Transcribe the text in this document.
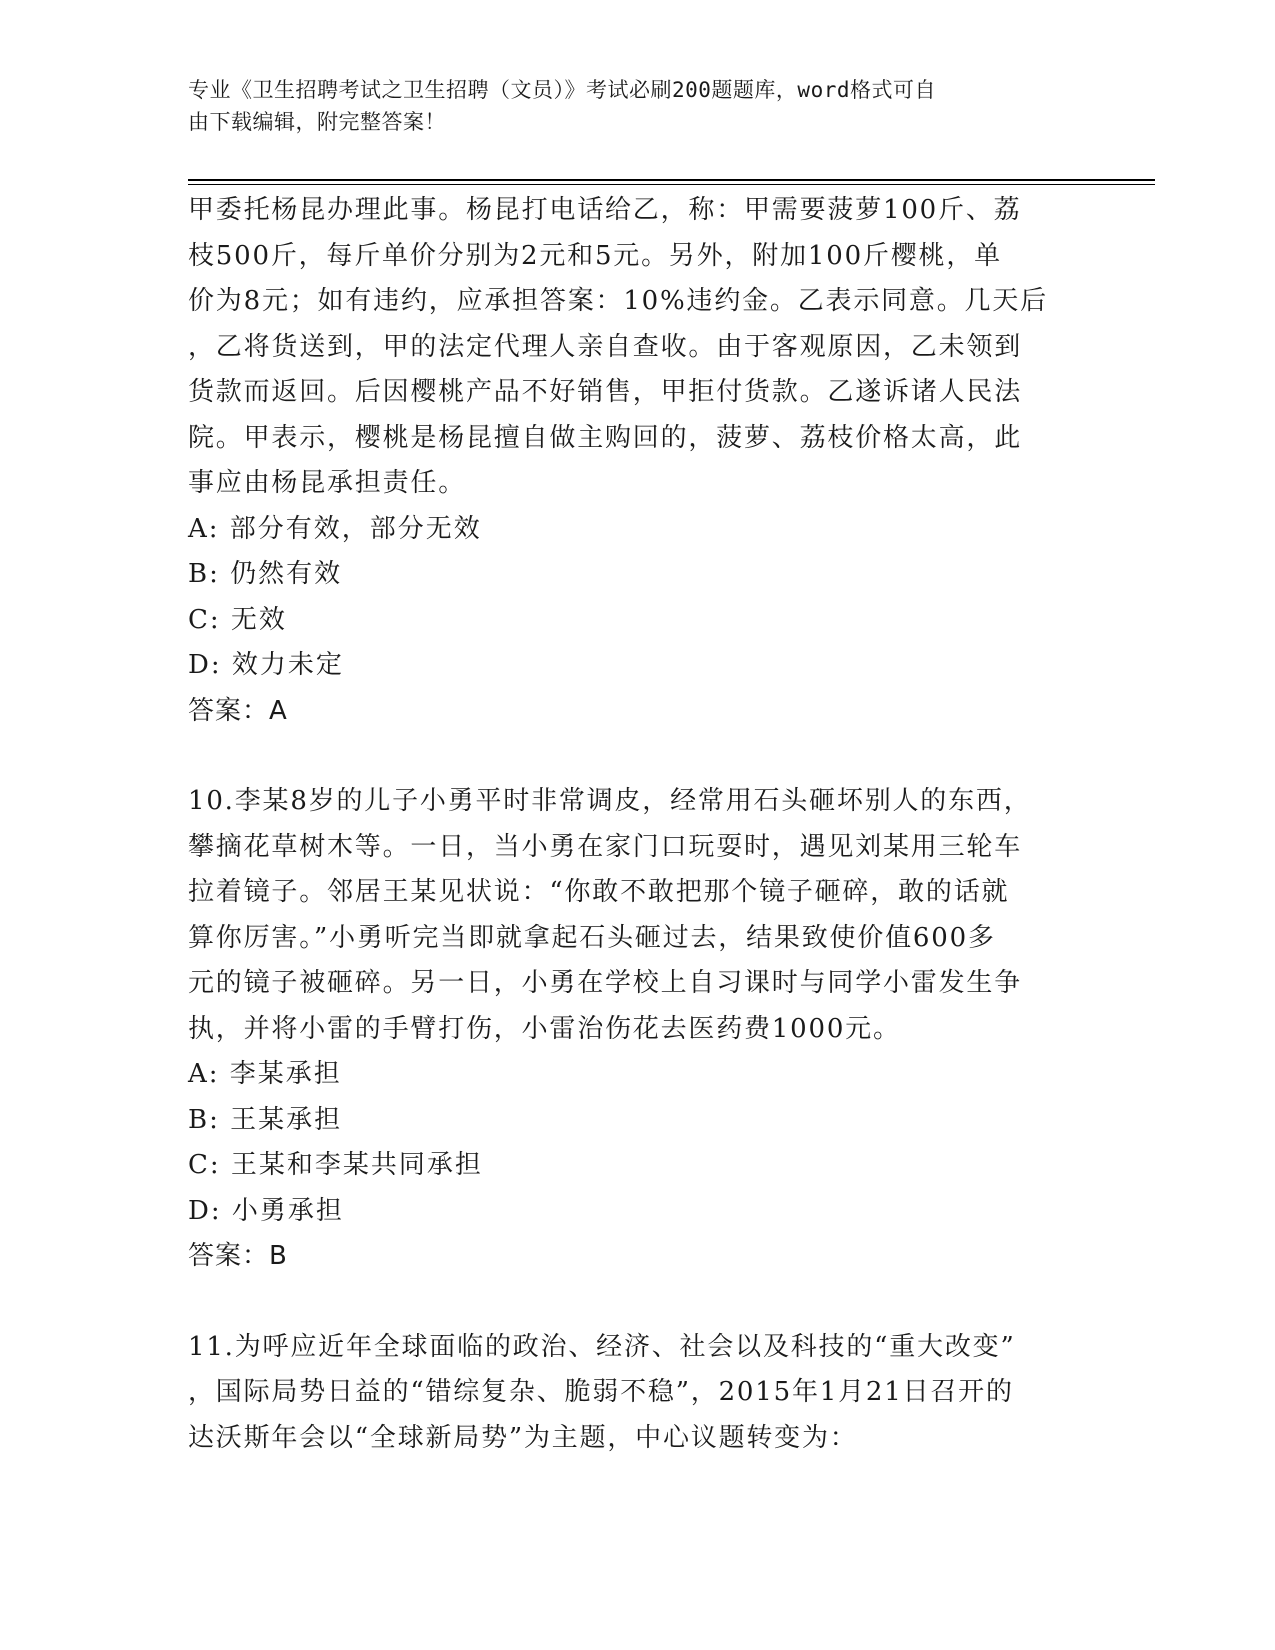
专业《卫生招聘考试之卫生招聘（文员）》考试必刷200题题库，word格式可自
由下载编辑，附完整答案！

甲委托杨昆办理此事。杨昆打电话给乙，称：甲需要菠萝100斤、荔

枝500斤，每斤单价分别为2元和5元。另外，附加100斤樱桃，单

价为8元；如有违约，应承担答案：10%违约金。乙表示同意。几天后

，乙将货送到，甲的法定代理人亲自查收。由于客观原因，乙未领到

货款而返回。后因樱桃产品不好销售，甲拒付货款。乙遂诉诸人民法

院。甲表示，樱桃是杨昆擅自做主购回的，菠萝、荔枝价格太高，此

事应由杨昆承担责任。

A: 部分有效，部分无效

B: 仍然有效

C: 无效

D: 效力未定

答案：A

10.李某8岁的儿子小勇平时非常调皮，经常用石头砸坏别人的东西，

攀摘花草树木等。一日，当小勇在家门口玩耍时，遇见刘某用三轮车

拉着镜子。邻居王某见状说：“你敢不敢把那个镜子砸碎，敢的话就

算你厉害。”小勇听完当即就拿起石头砸过去，结果致使价值600多

元的镜子被砸碎。另一日，小勇在学校上自习课时与同学小雷发生争

执，并将小雷的手臂打伤，小雷治伤花去医药费1000元。

A: 李某承担

B: 王某承担

C: 王某和李某共同承担

D: 小勇承担

答案：B

11.为呼应近年全球面临的政治、经济、社会以及科技的“重大改变”

，国际局势日益的“错综复杂、脆弱不稳”，2015年1月21日召开的

达沃斯年会以“全球新局势”为主题，中心议题转变为：
